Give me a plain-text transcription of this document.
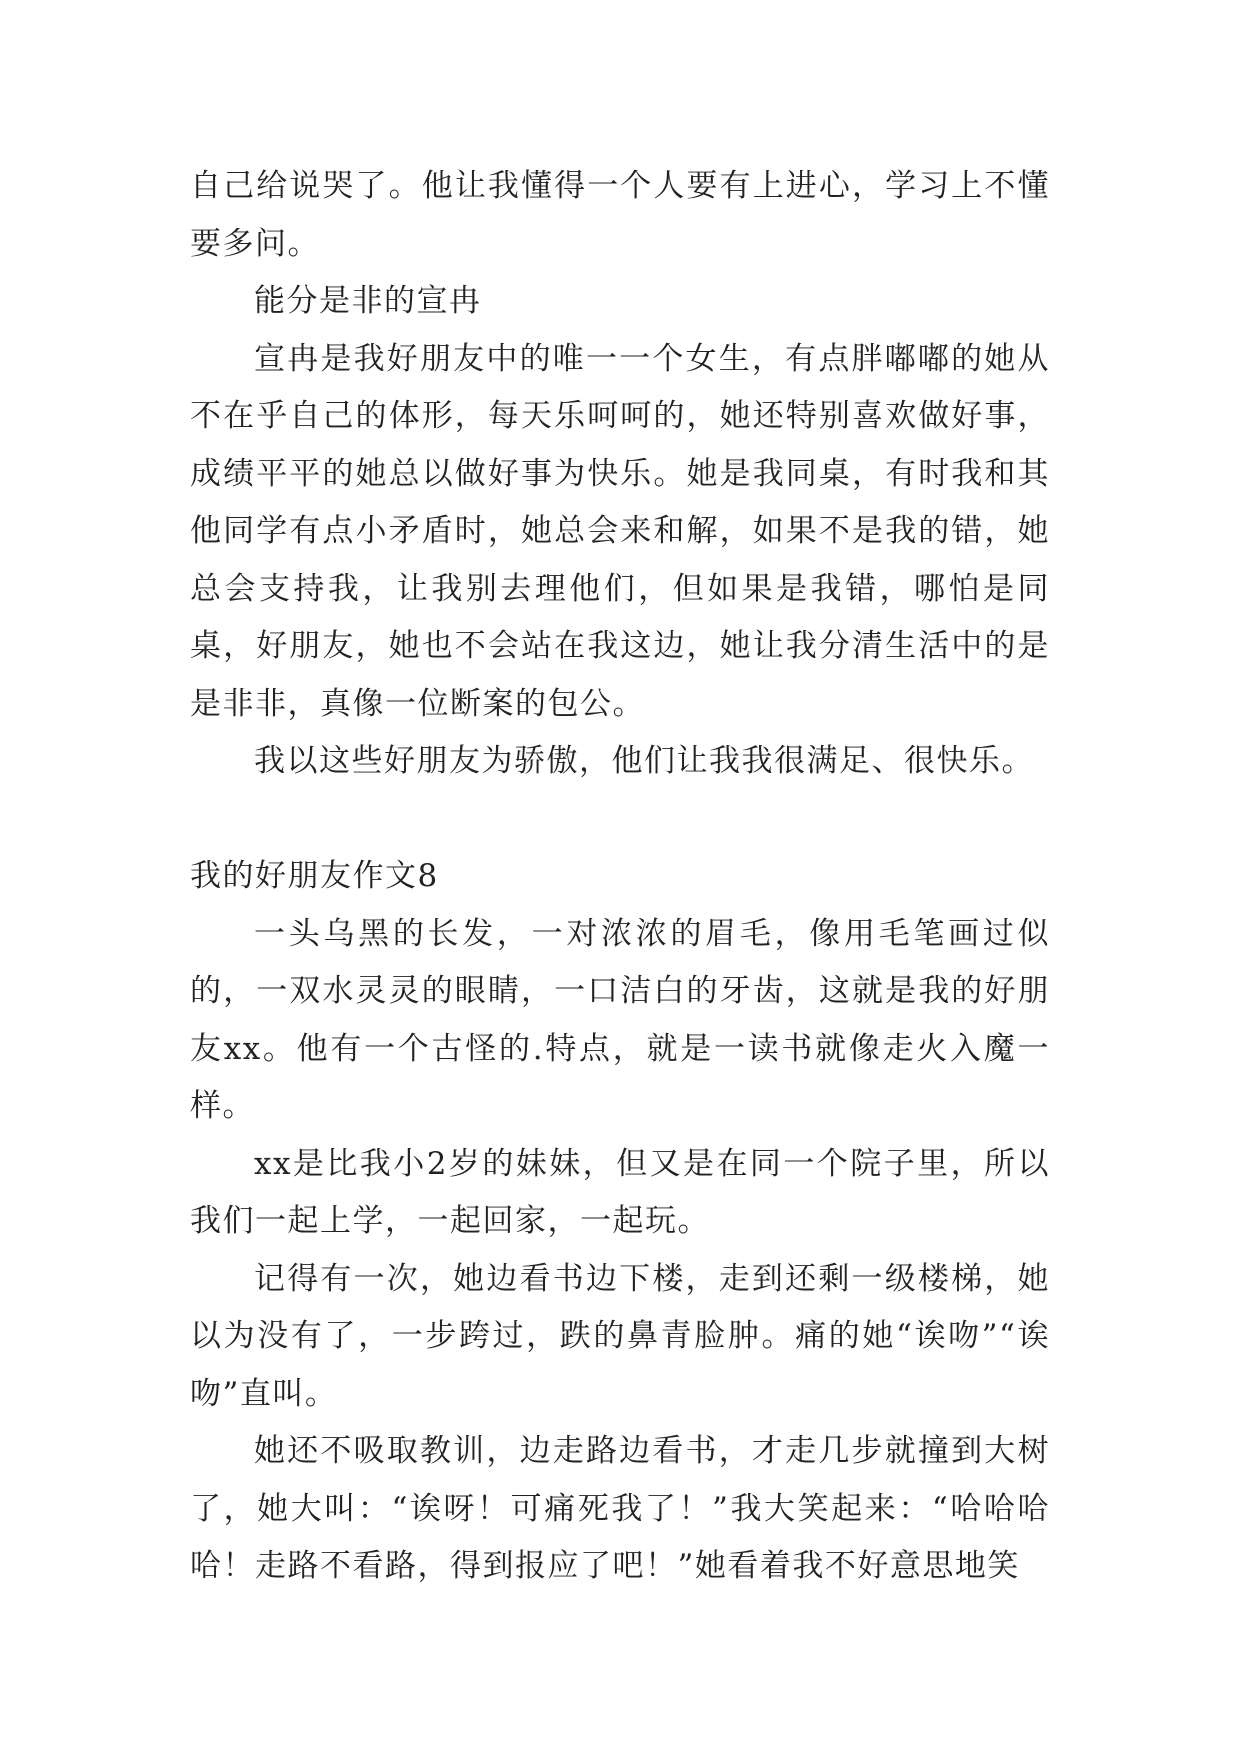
自己给说哭了。他让我懂得一个人要有上进心，学习上不懂要多问。

能分是非的宣冉

宣冉是我好朋友中的唯一一个女生，有点胖嘟嘟的她从不在乎自己的体形，每天乐呵呵的，她还特别喜欢做好事，成绩平平的她总以做好事为快乐。她是我同桌，有时我和其他同学有点小矛盾时，她总会来和解，如果不是我的错，她总会支持我，让我别去理他们，但如果是我错，哪怕是同桌，好朋友，她也不会站在我这边，她让我分清生活中的是是非非，真像一位断案的包公。

我以这些好朋友为骄傲，他们让我我很满足、很快乐。

我的好朋友作文8

一头乌黑的长发，一对浓浓的眉毛，像用毛笔画过似的，一双水灵灵的眼睛，一口洁白的牙齿，这就是我的好朋友xx。他有一个古怪的.特点，就是一读书就像走火入魔一样。

xx是比我小2岁的妹妹，但又是在同一个院子里，所以我们一起上学，一起回家，一起玩。

记得有一次，她边看书边下楼，走到还剩一级楼梯，她以为没有了，一步跨过，跌的鼻青脸肿。痛的她“诶吻”“诶吻”直叫。

她还不吸取教训，边走路边看书，才走几步就撞到大树了，她大叫：“诶呀！可痛死我了！”我大笑起来：“哈哈哈哈！走路不看路，得到报应了吧！”她看着我不好意思地笑
